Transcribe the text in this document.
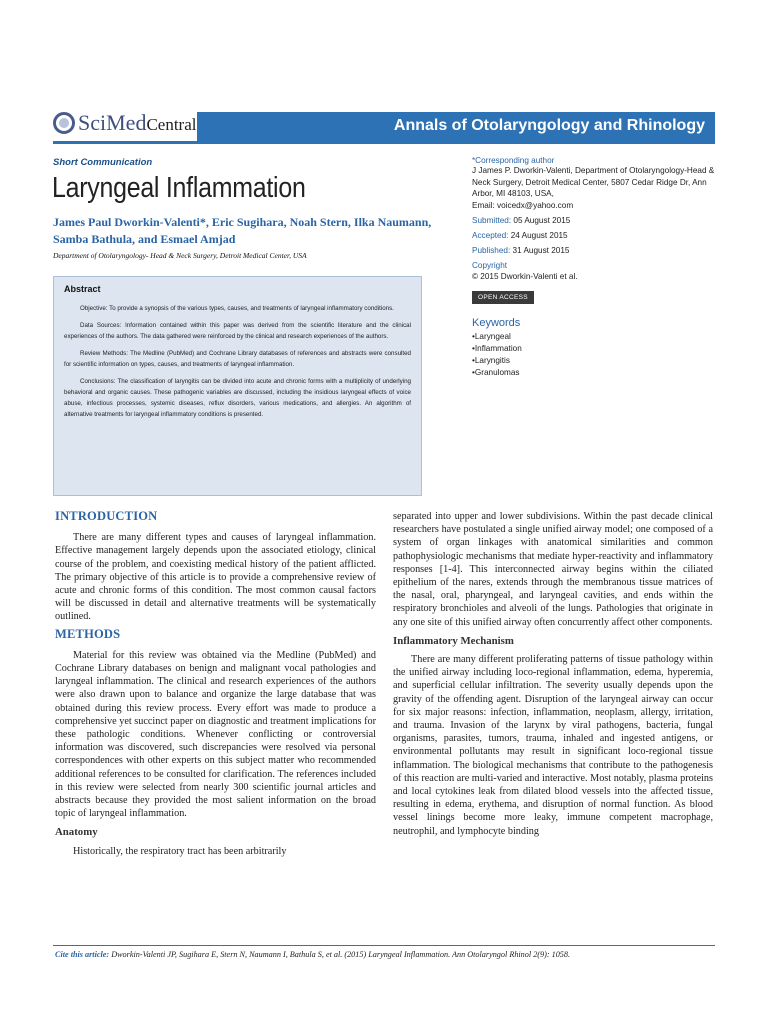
SciMed Central	Annals of Otolaryngology and Rhinology
Short Communication
Laryngeal Inflammation
James Paul Dworkin-Valenti*, Eric Sugihara, Noah Stern, Ilka Naumann, Samba Bathula, and Esmael Amjad
Department of Otolaryngology- Head & Neck Surgery, Detroit Medical Center, USA
Abstract

Objective: To provide a synopsis of the various types, causes, and treatments of laryngeal inflammatory conditions.

Data Sources: Information contained within this paper was derived from the scientific literature and the clinical experiences of the authors. The data gathered were reinforced by the clinical and research experiences of the authors.

Review Methods: The Medline (PubMed) and Cochrane Library databases of references and abstracts were consulted for scientific information on types, causes, and treatments of laryngeal inflammation.

Conclusions: The classification of laryngitis can be divided into acute and chronic forms with a multiplicity of underlying behavioral and organic causes. These pathogenic variables are discussed, including the insidious laryngeal effects of voice abuse, infectious processes, systemic diseases, reflux disorders, various medications, and allergies. An algorithm of alternative treatments for laryngeal inflammatory conditions is presented.

*Corresponding author
J James P. Dworkin-Valenti, Department of Otolaryngology-Head & Neck Surgery, Detroit Medical Center, 5807 Cedar Ridge Dr, Ann Arbor, MI 48103, USA,
Email: voicedx@yahoo.com
Submitted: 05 August 2015
Accepted: 24 August 2015
Published: 31 August 2015
Copyright
© 2015 Dworkin-Valenti et al.
OPEN ACCESS
Keywords
• Laryngeal
• Inflammation
• Laryngitis
• Granulomas
INTRODUCTION

There are many different types and causes of laryngeal inflammation. Effective management largely depends upon the associated etiology, clinical course of the problem, and coexisting medical history of the patient afflicted. The primary objective of this article is to provide a comprehensive review of acute and chronic forms of this condition. The most common causal factors will be discussed in detail and alternative treatments will be systematically outlined.

METHODS

Material for this review was obtained via the Medline (PubMed) and Cochrane Library databases on benign and malignant vocal pathologies and laryngeal inflammation. The clinical and research experiences of the authors were also drawn upon to balance and organize the large database that was obtained during this review process. Every effort was made to produce a comprehensive yet succinct paper on diagnostic and treatment implications for these pathologic conditions. Whenever conflicting or controversial information was discovered, such discrepancies were resolved via personal correspondences with other experts on this subject matter who recommended additional references to be consulted for clarification. The references included in this review were selected from nearly 300 scientific journal articles and abstracts because they provided the most salient information on the broad topic of laryngeal inflammation.

Anatomy

Historically, the respiratory tract has been arbitrarily

separated into upper and lower subdivisions. Within the past decade clinical researchers have postulated a single unified airway model; one composed of a system of organ linkages with anatomical similarities and common pathophysiologic mechanisms that mediate hyper-reactivity and inflammatory responses [1-4]. This interconnected airway begins within the ciliated epithelium of the nares, extends through the membranous tissue matrices of the nasal, oral, pharyngeal, and laryngeal cavities, and ends within the respiratory bronchioles and alveoli of the lungs. Pathologies that originate in any one site of this unified airway often concurrently affect other components.

Inflammatory Mechanism

There are many different proliferating patterns of tissue pathology within the unified airway including loco-regional inflammation, edema, hyperemia, and superficial cellular infiltration. The severity usually depends upon the gravity of the offending agent. Disruption of the laryngeal airway can occur for six major reasons: infection, inflammation, neoplasm, allergy, irritation, and trauma. Invasion of the larynx by viral pathogens, bacteria, fungal organisms, parasites, tumors, trauma, inhaled and ingested antigens, or environmental pollutants may result in significant loco-regional tissue inflammation. The biological mechanisms that contribute to the pathogenesis of this reaction are multi-varied and interactive. Most notably, plasma proteins and local cytokines leak from dilated blood vessels into the affected tissue, resulting in edema, erythema, and disruption of normal function. As blood vessel linings become more leaky, immune competent macrophage, neutrophil, and lymphocyte binding

Cite this article: Dworkin-Valenti JP, Sugihara E, Stern N, Naumann I, Bathula S, et al. (2015) Laryngeal Inflammation. Ann Otolaryngol Rhinol 2(9): 1058.
